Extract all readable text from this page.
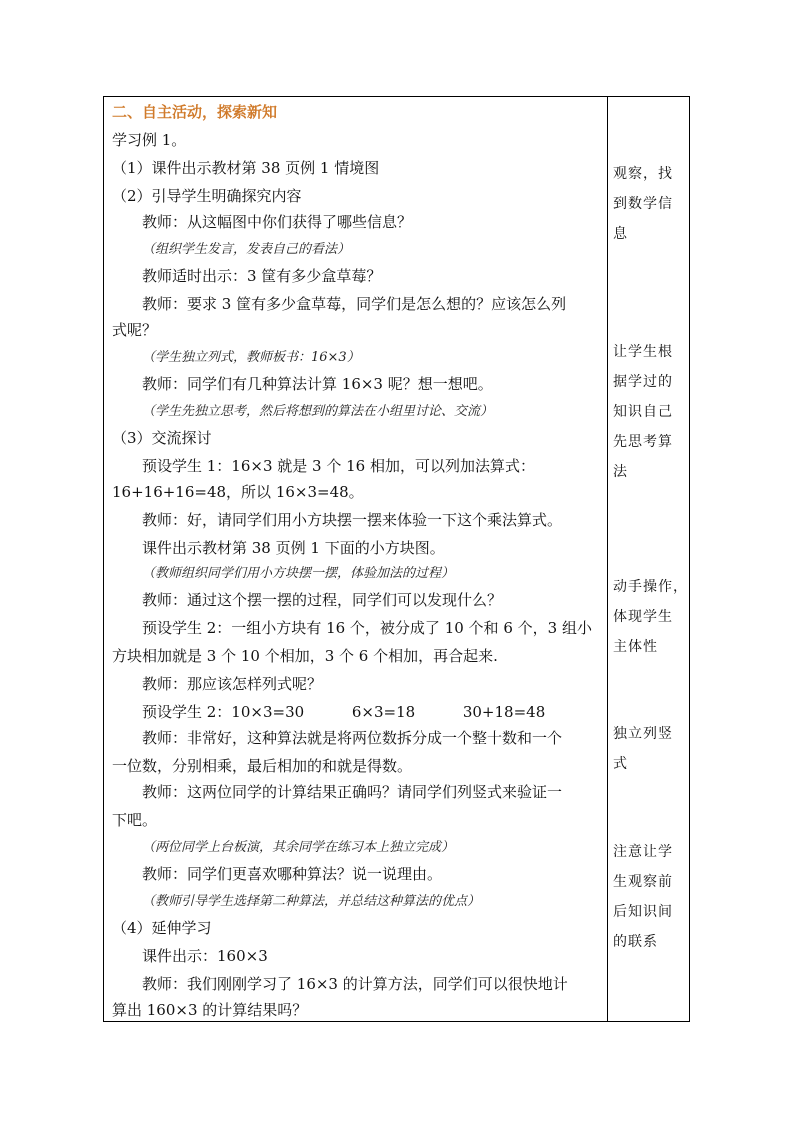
二、自主活动，探索新知
学习例 1。
（1）课件出示教材第 38 页例 1 情境图
（2）引导学生明确探究内容
教师：从这幅图中你们获得了哪些信息？
（组织学生发言，发表自己的看法）
教师适时出示：3 筐有多少盒草莓？
教师：要求 3 筐有多少盒草莓，同学们是怎么想的？应该怎么列
式呢？
（学生独立列式，教师板书：16×3）
教师：同学们有几种算法计算 16×3 呢？想一想吧。
（学生先独立思考，然后将想到的算法在小组里讨论、交流）
（3）交流探讨
预设学生 1：16×3 就是 3 个 16 相加，可以列加法算式：
16+16+16=48，所以 16×3=48。
教师：好，请同学们用小方块摆一摆来体验一下这个乘法算式。
课件出示教材第 38 页例 1 下面的小方块图。
（教师组织同学们用小方块摆一摆，体验加法的过程）
教师：通过这个摆一摆的过程，同学们可以发现什么？
预设学生 2：一组小方块有 16 个，被分成了 10 个和 6 个，3 组小
方块相加就是 3 个 10 个相加，3 个 6 个相加，再合起来.
教师：那应该怎样列式呢？
预设学生 2：10×3=30          6×3=18          30+18=48
教师：非常好，这种算法就是将两位数拆分成一个整十数和一个
一位数，分别相乘，最后相加的和就是得数。
教师：这两位同学的计算结果正确吗？请同学们列竖式来验证一
下吧。
（两位同学上台板演，其余同学在练习本上独立完成）
教师：同学们更喜欢哪种算法？说一说理由。
（教师引导学生选择第二种算法，并总结这种算法的优点）
（4）延伸学习
课件出示：160×3
教师：我们刚刚学习了 16×3 的计算方法，同学们可以很快地计
算出 160×3 的计算结果吗？
观察，找
到数学信
息
让学生根
据学过的
知识自己
先思考算
法
动手操作，
体现学生
主体性
独立列竖
式
注意让学
生观察前
后知识间
的联系
